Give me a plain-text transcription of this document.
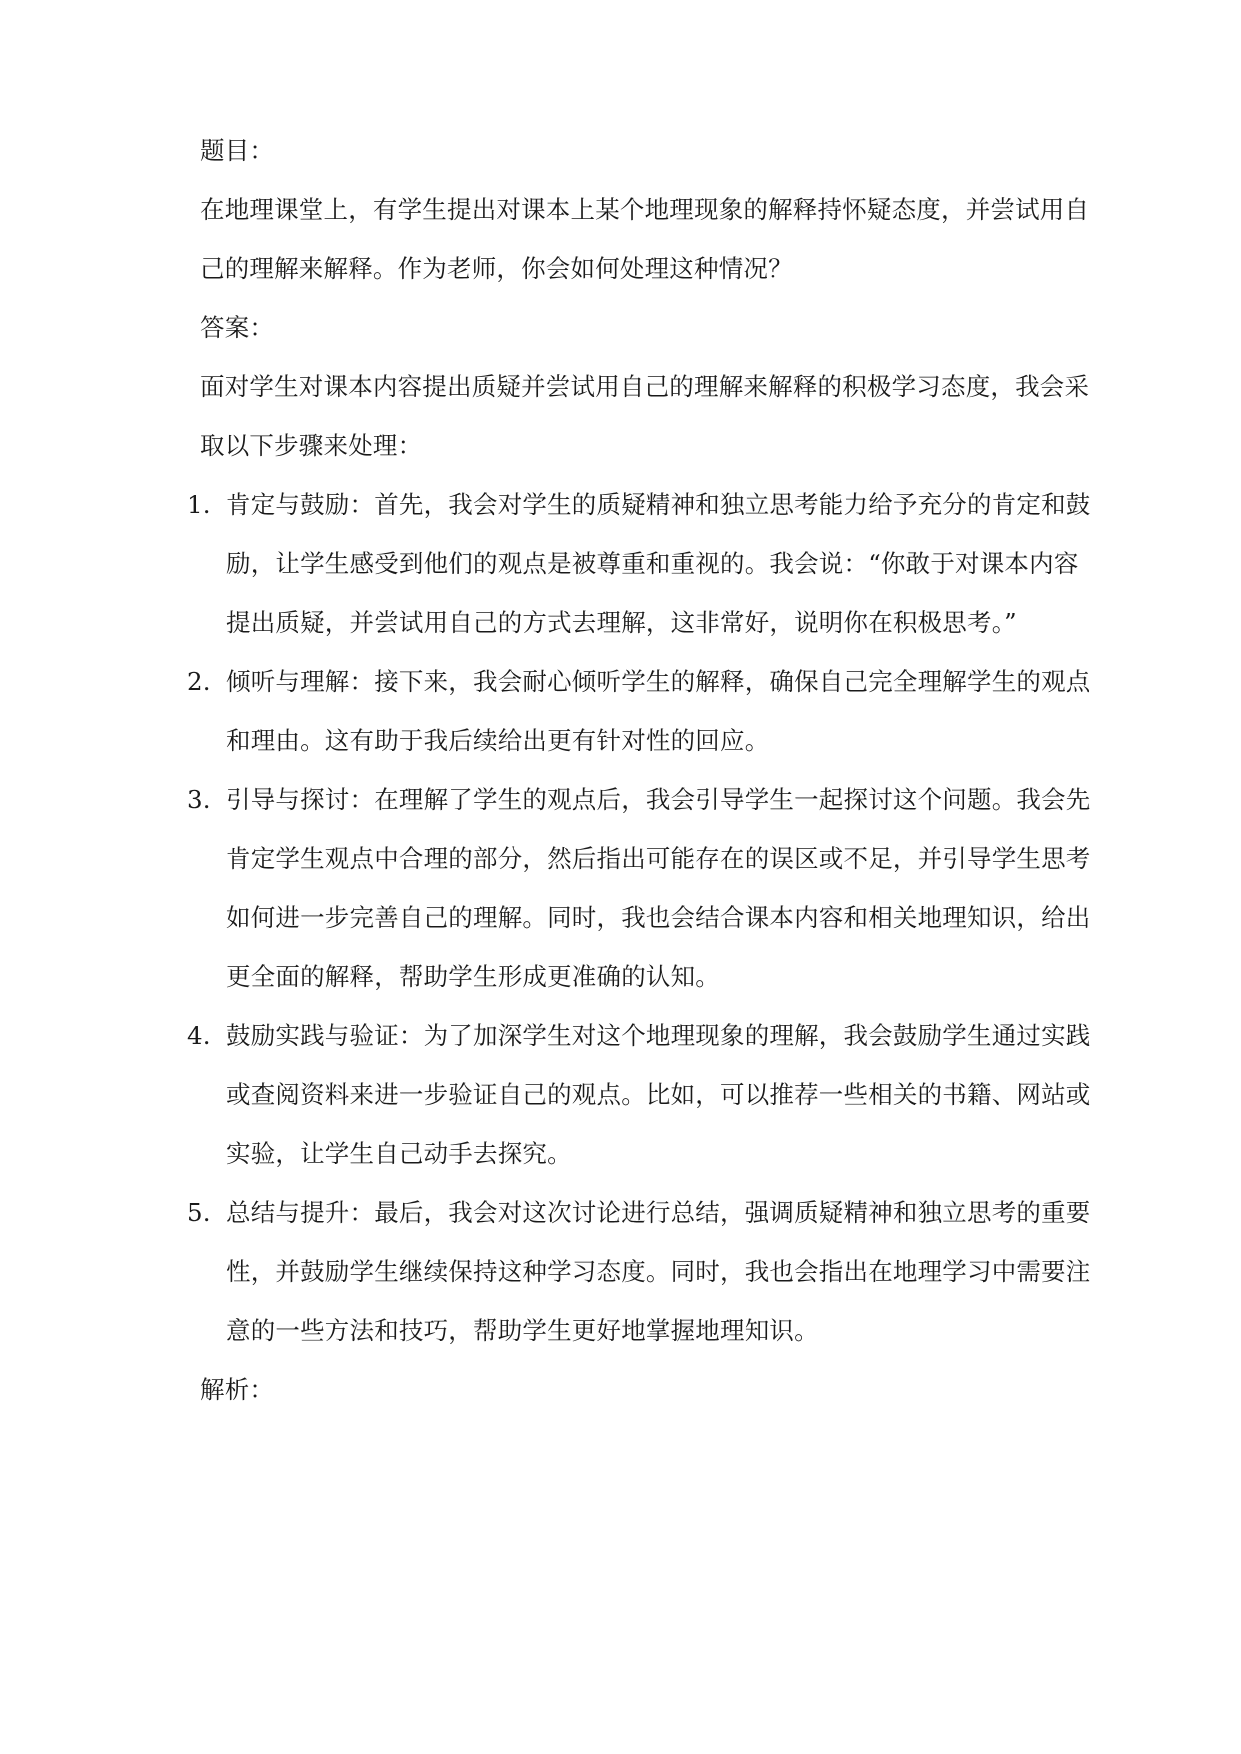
题目：
在地理课堂上，有学生提出对课本上某个地理现象的解释持怀疑态度，并尝试用自
己的理解来解释。作为老师，你会如何处理这种情况？
答案：
面对学生对课本内容提出质疑并尝试用自己的理解来解释的积极学习态度，我会采
取以下步骤来处理：
1. 肯定与鼓励：首先，我会对学生的质疑精神和独立思考能力给予充分的肯定和鼓
励，让学生感受到他们的观点是被尊重和重视的。我会说：“你敢于对课本内容
提出质疑，并尝试用自己的方式去理解，这非常好，说明你在积极思考。”
2. 倾听与理解：接下来，我会耐心倾听学生的解释，确保自己完全理解学生的观点
和理由。这有助于我后续给出更有针对性的回应。
3. 引导与探讨：在理解了学生的观点后，我会引导学生一起探讨这个问题。我会先
肯定学生观点中合理的部分，然后指出可能存在的误区或不足，并引导学生思考
如何进一步完善自己的理解。同时，我也会结合课本内容和相关地理知识，给出
更全面的解释，帮助学生形成更准确的认知。
4. 鼓励实践与验证：为了加深学生对这个地理现象的理解，我会鼓励学生通过实践
或查阅资料来进一步验证自己的观点。比如，可以推荐一些相关的书籍、网站或
实验，让学生自己动手去探究。
5. 总结与提升：最后，我会对这次讨论进行总结，强调质疑精神和独立思考的重要
性，并鼓励学生继续保持这种学习态度。同时，我也会指出在地理学习中需要注
意的一些方法和技巧，帮助学生更好地掌握地理知识。
解析：
